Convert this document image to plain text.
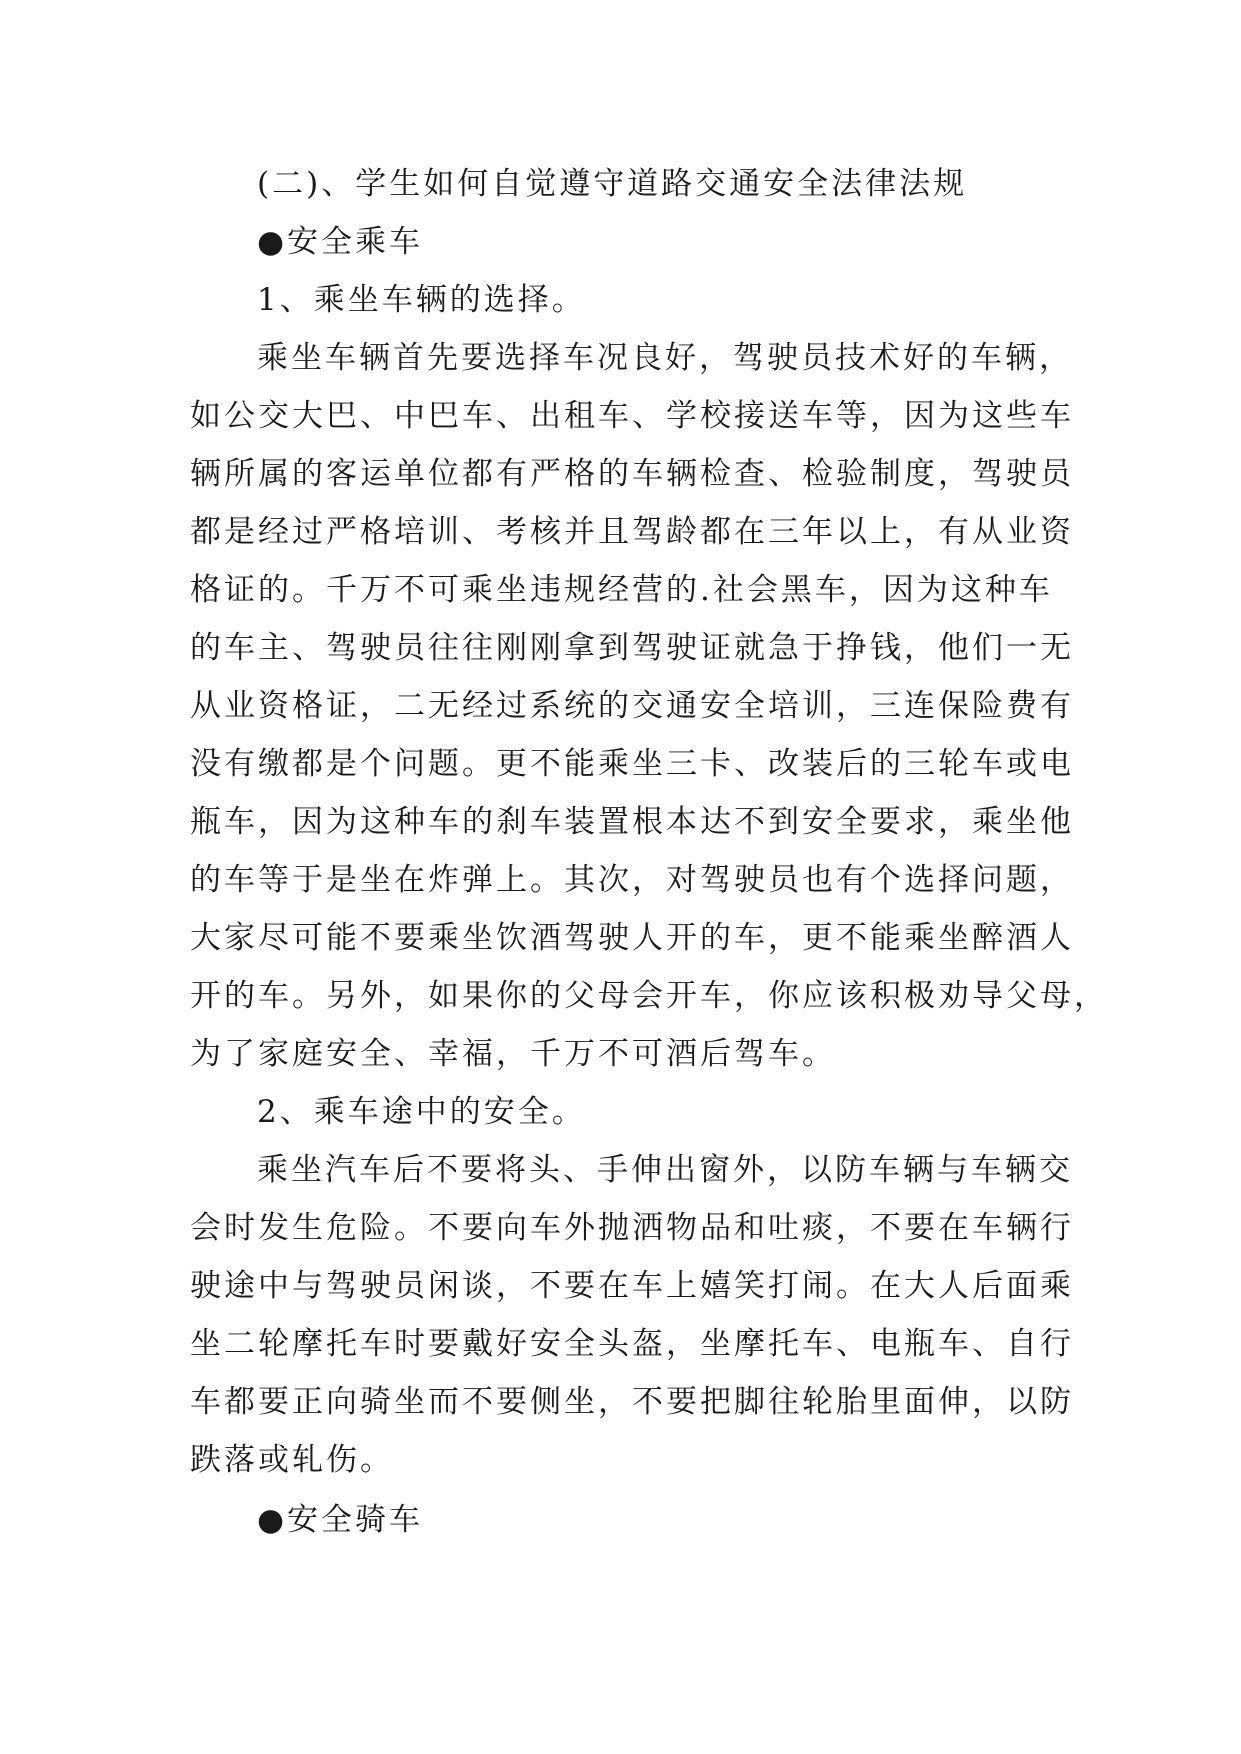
(二)、学生如何自觉遵守道路交通安全法律法规
●安全乘车
1、乘坐车辆的选择。
乘坐车辆首先要选择车况良好，驾驶员技术好的车辆，
如公交大巴、中巴车、出租车、学校接送车等，因为这些车
辆所属的客运单位都有严格的车辆检查、检验制度，驾驶员
都是经过严格培训、考核并且驾龄都在三年以上，有从业资
格证的。千万不可乘坐违规经营的.社会黑车，因为这种车
的车主、驾驶员往往刚刚拿到驾驶证就急于挣钱，他们一无
从业资格证，二无经过系统的交通安全培训，三连保险费有
没有缴都是个问题。更不能乘坐三卡、改装后的三轮车或电
瓶车，因为这种车的刹车装置根本达不到安全要求，乘坐他
的车等于是坐在炸弹上。其次，对驾驶员也有个选择问题，
大家尽可能不要乘坐饮酒驾驶人开的车，更不能乘坐醉酒人
开的车。另外，如果你的父母会开车，你应该积极劝导父母，
为了家庭安全、幸福，千万不可酒后驾车。
2、乘车途中的安全。
乘坐汽车后不要将头、手伸出窗外，以防车辆与车辆交
会时发生危险。不要向车外抛洒物品和吐痰，不要在车辆行
驶途中与驾驶员闲谈，不要在车上嬉笑打闹。在大人后面乘
坐二轮摩托车时要戴好安全头盔，坐摩托车、电瓶车、自行
车都要正向骑坐而不要侧坐，不要把脚往轮胎里面伸，以防
跌落或轧伤。
●安全骑车
